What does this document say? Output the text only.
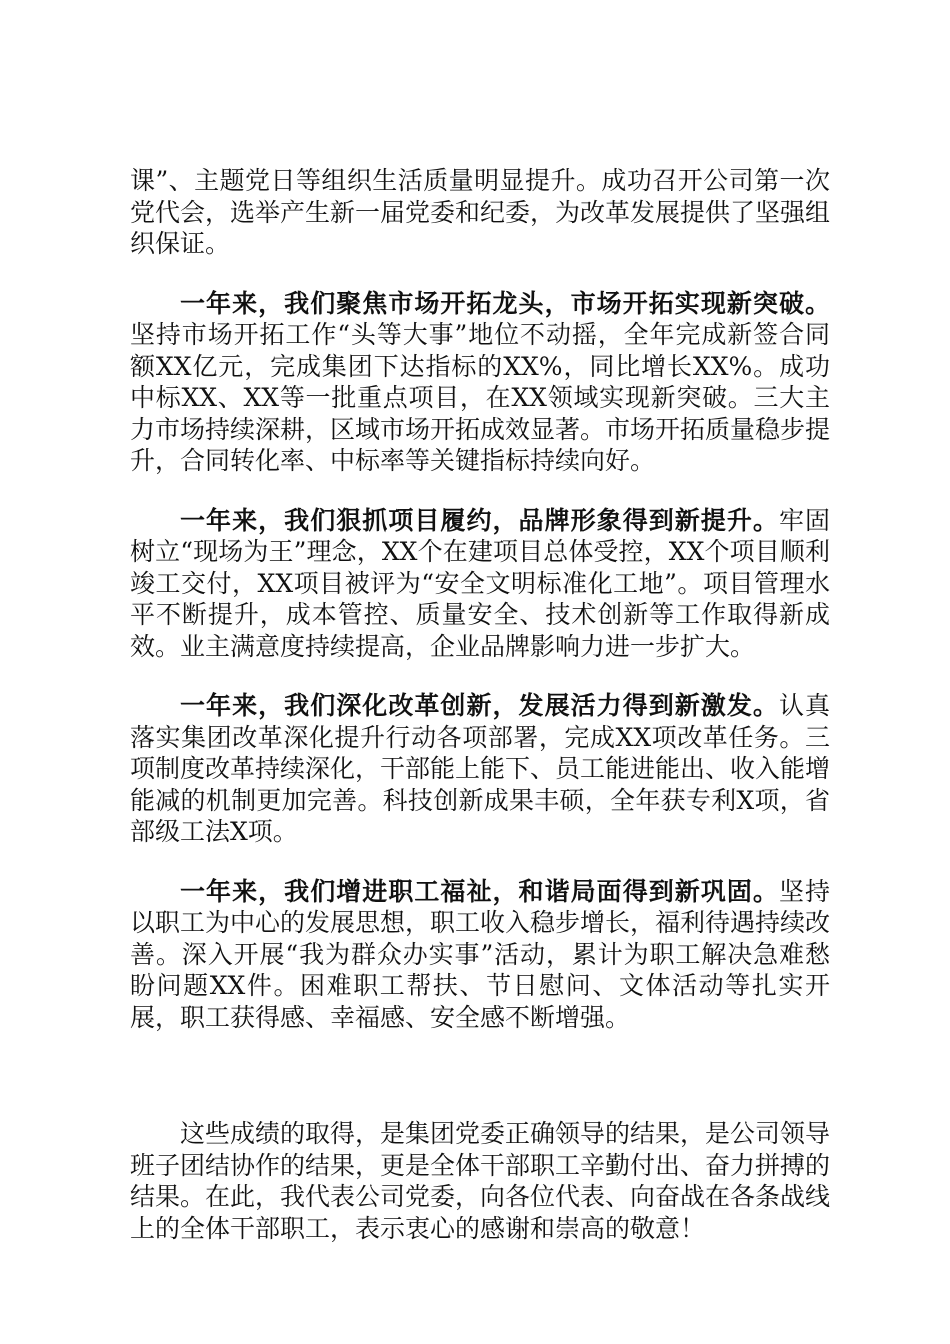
课”、主题党日等组织生活质量明显提升。成功召开公司第一次党代会，选举产生新一届党委和纪委，为改革发展提供了坚强组织保证。

一年来，我们聚焦市场开拓龙头，市场开拓实现新突破。坚持市场开拓工作“头等大事”地位不动摇，全年完成新签合同额XX亿元，完成集团下达指标的XX%，同比增长XX%。成功中标XX、XX等一批重点项目，在XX领域实现新突破。三大主力市场持续深耕，区域市场开拓成效显著。市场开拓质量稳步提升，合同转化率、中标率等关键指标持续向好。

一年来，我们狠抓项目履约，品牌形象得到新提升。牢固树立“现场为王”理念，XX个在建项目总体受控，XX个项目顺利竣工交付，XX项目被评为“安全文明标准化工地”。项目管理水平不断提升，成本管控、质量安全、技术创新等工作取得新成效。业主满意度持续提高，企业品牌影响力进一步扩大。

一年来，我们深化改革创新，发展活力得到新激发。认真落实集团改革深化提升行动各项部署，完成XX项改革任务。三项制度改革持续深化，干部能上能下、员工能进能出、收入能增能减的机制更加完善。科技创新成果丰硕，全年获专利X项，省部级工法X项。

一年来，我们增进职工福祉，和谐局面得到新巩固。坚持以职工为中心的发展思想，职工收入稳步增长，福利待遇持续改善。深入开展“我为群众办实事”活动，累计为职工解决急难愁盼问题XX件。困难职工帮扶、节日慰问、文体活动等扎实开展，职工获得感、幸福感、安全感不断增强。

这些成绩的取得，是集团党委正确领导的结果，是公司领导班子团结协作的结果，更是全体干部职工辛勤付出、奋力拼搏的结果。在此，我代表公司党委，向各位代表、向奋战在各条战线上的全体干部职工，表示衷心的感谢和崇高的敬意！
